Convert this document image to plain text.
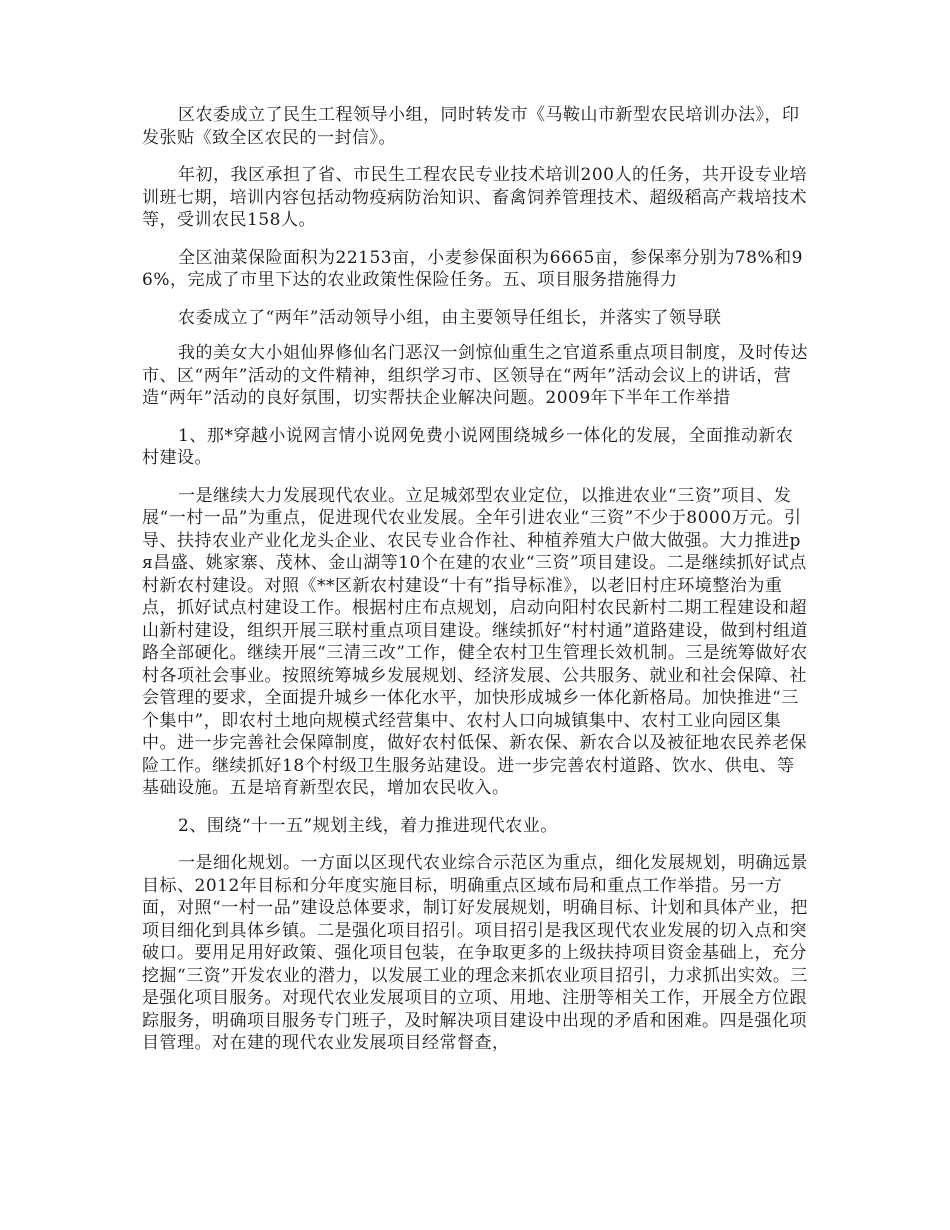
区农委成立了民生工程领导小组，同时转发市《马鞍山市新型农民培训办法》，印发张贴《致全区农民的一封信》。

年初，我区承担了省、市民生工程农民专业技术培训200人的任务，共开设专业培训班七期，培训内容包括动物疫病防治知识、畜禽饲养管理技术、超级稻高产栽培技术等，受训农民158人。

全区油菜保险面积为22153亩，小麦参保面积为6665亩，参保率分别为78%和96%，完成了市里下达的农业政策性保险任务。五、项目服务措施得力

农委成立了“两年”活动领导小组，由主要领导任组长，并落实了领导联

我的美女大小姐仙界修仙名门恶汉一剑惊仙重生之官道系重点项目制度，及时传达市、区“两年”活动的文件精神，组织学习市、区领导在“两年”活动会议上的讲话，营造“两年”活动的良好氛围，切实帮扶企业解决问题。2009年下半年工作举措

1、那*穿越小说网言情小说网免费小说网围绕城乡一体化的发展，全面推动新农村建设。

一是继续大力发展现代农业。立足城郊型农业定位，以推进农业“三资”项目、发展“一村一品”为重点，促进现代农业发展。全年引进农业“三资”不少于8000万元。引导、扶持农业产业化龙头企业、农民专业合作社、种植养殖大户做大做强。大力推进ря昌盛、姚家寨、茂林、金山湖等10个在建的农业“三资”项目建设。二是继续抓好试点村新农村建设。对照《**区新农村建设“十有”指导标准》，以老旧村庄环境整治为重点，抓好试点村建设工作。根据村庄布点规划，启动向阳村农民新村二期工程建设和超山新村建设，组织开展三联村重点项目建设。继续抓好“村村通”道路建设，做到村组道路全部硬化。继续开展“三清三改”工作，健全农村卫生管理长效机制。三是统筹做好农村各项社会事业。按照统筹城乡发展规划、经济发展、公共服务、就业和社会保障、社会管理的要求，全面提升城乡一体化水平，加快形成城乡一体化新格局。加快推进“三个集中”，即农村土地向规模式经营集中、农村人口向城镇集中、农村工业向园区集中。进一步完善社会保障制度，做好农村低保、新农保、新农合以及被征地农民养老保险工作。继续抓好18个村级卫生服务站建设。进一步完善农村道路、饮水、供电、等基础设施。五是培育新型农民，增加农民收入。

2、围绕“十一五”规划主线，着力推进现代农业。

一是细化规划。一方面以区现代农业综合示范区为重点，细化发展规划，明确远景目标、2012年目标和分年度实施目标，明确重点区域布局和重点工作举措。另一方面，对照“一村一品”建设总体要求，制订好发展规划，明确目标、计划和具体产业，把项目细化到具体乡镇。二是强化项目招引。项目招引是我区现代农业发展的切入点和突破口。要用足用好政策、强化项目包装，在争取更多的上级扶持项目资金基础上，充分挖掘“三资”开发农业的潜力，以发展工业的理念来抓农业项目招引，力求抓出实效。三是强化项目服务。对现代农业发展项目的立项、用地、注册等相关工作，开展全方位跟踪服务，明确项目服务专门班子，及时解决项目建设中出现的矛盾和困难。四是强化项目管理。对在建的现代农业发展项目经常督查，
